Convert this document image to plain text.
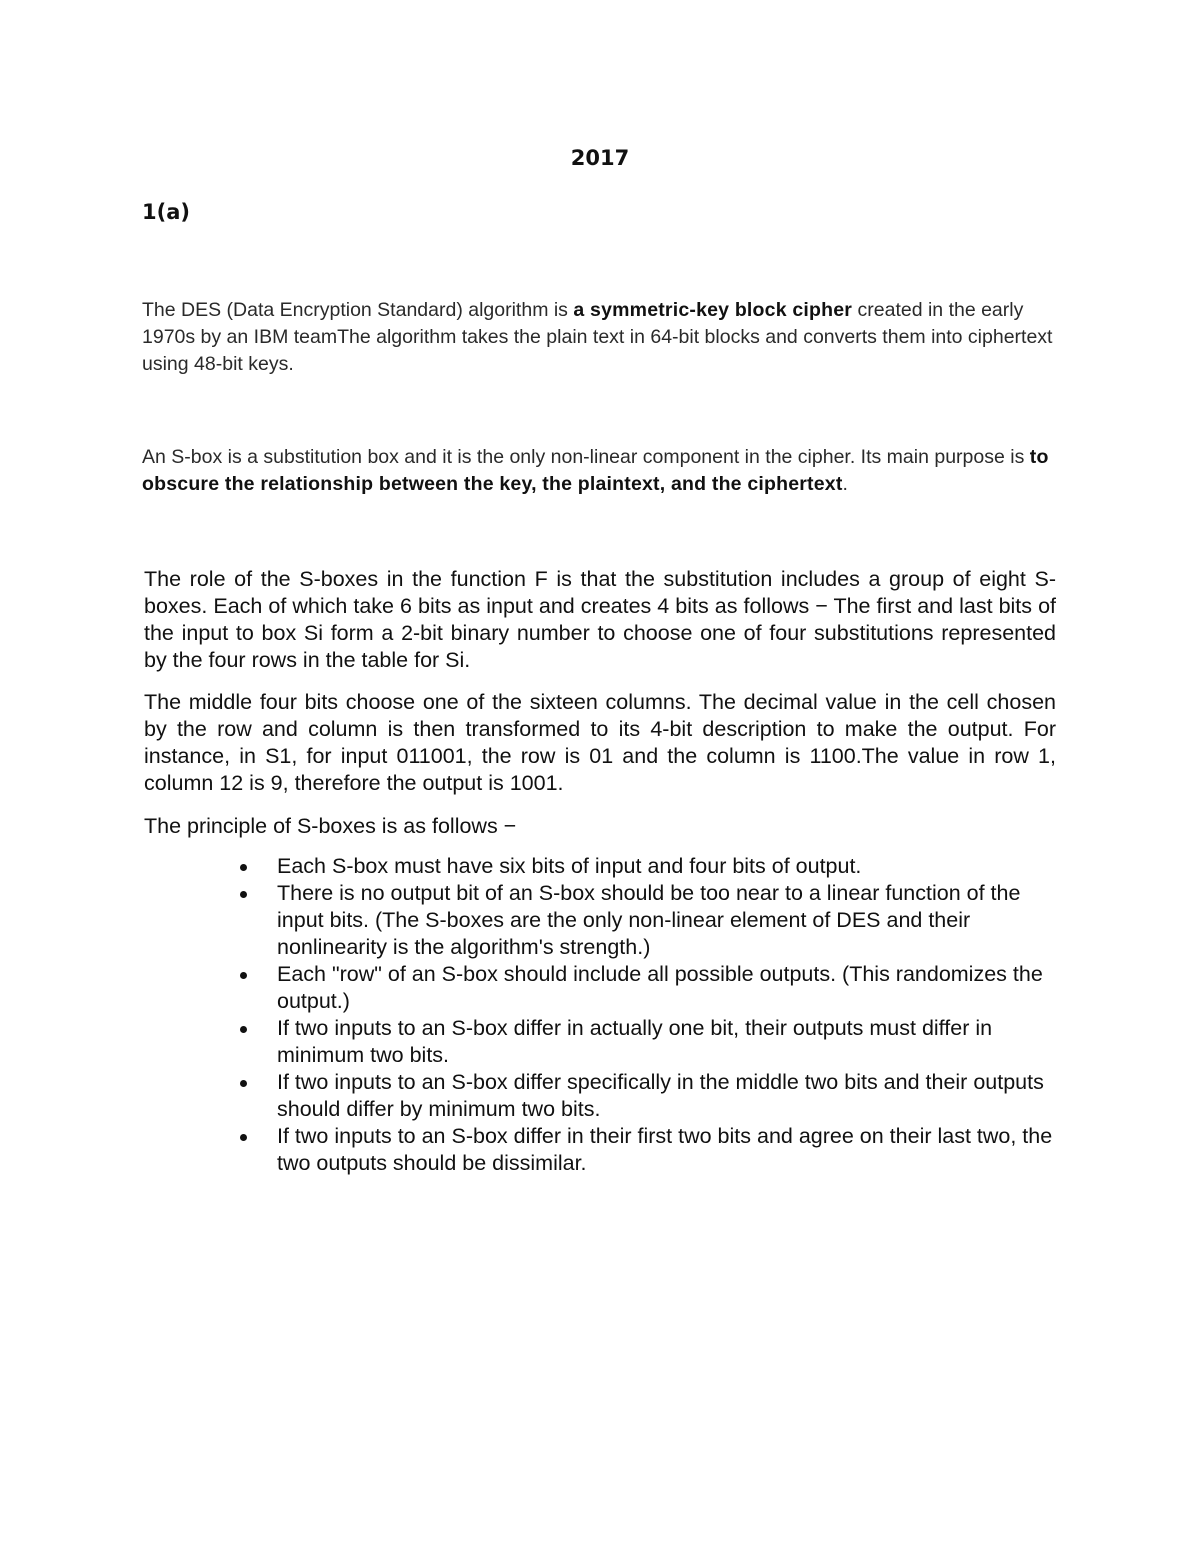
2017
1(a)

The DES (Data Encryption Standard) algorithm is a symmetric-key block cipher created in the early 1970s by an IBM teamThe algorithm takes the plain text in 64-bit blocks and converts them into ciphertext using 48-bit keys.

An S-box is a substitution box and it is the only non-linear component in the cipher. Its main purpose is to obscure the relationship between the key, the plaintext, and the ciphertext.

The role of the S-boxes in the function F is that the substitution includes a group of eight S-boxes. Each of which take 6 bits as input and creates 4 bits as follows − The first and last bits of the input to box Si form a 2-bit binary number to choose one of four substitutions represented by the four rows in the table for Si.

The middle four bits choose one of the sixteen columns. The decimal value in the cell chosen by the row and column is then transformed to its 4-bit description to make the output. For instance, in S1, for input 011001, the row is 01 and the column is 1100.The value in row 1, column 12 is 9, therefore the output is 1001.

The principle of S-boxes is as follows −

Each S-box must have six bits of input and four bits of output.
There is no output bit of an S-box should be too near to a linear function of the input bits. (The S-boxes are the only non-linear element of DES and their nonlinearity is the algorithm's strength.)
Each "row" of an S-box should include all possible outputs. (This randomizes the output.)
If two inputs to an S-box differ in actually one bit, their outputs must differ in minimum two bits.
If two inputs to an S-box differ specifically in the middle two bits and their outputs should differ by minimum two bits.
If two inputs to an S-box differ in their first two bits and agree on their last two, the two outputs should be dissimilar.
